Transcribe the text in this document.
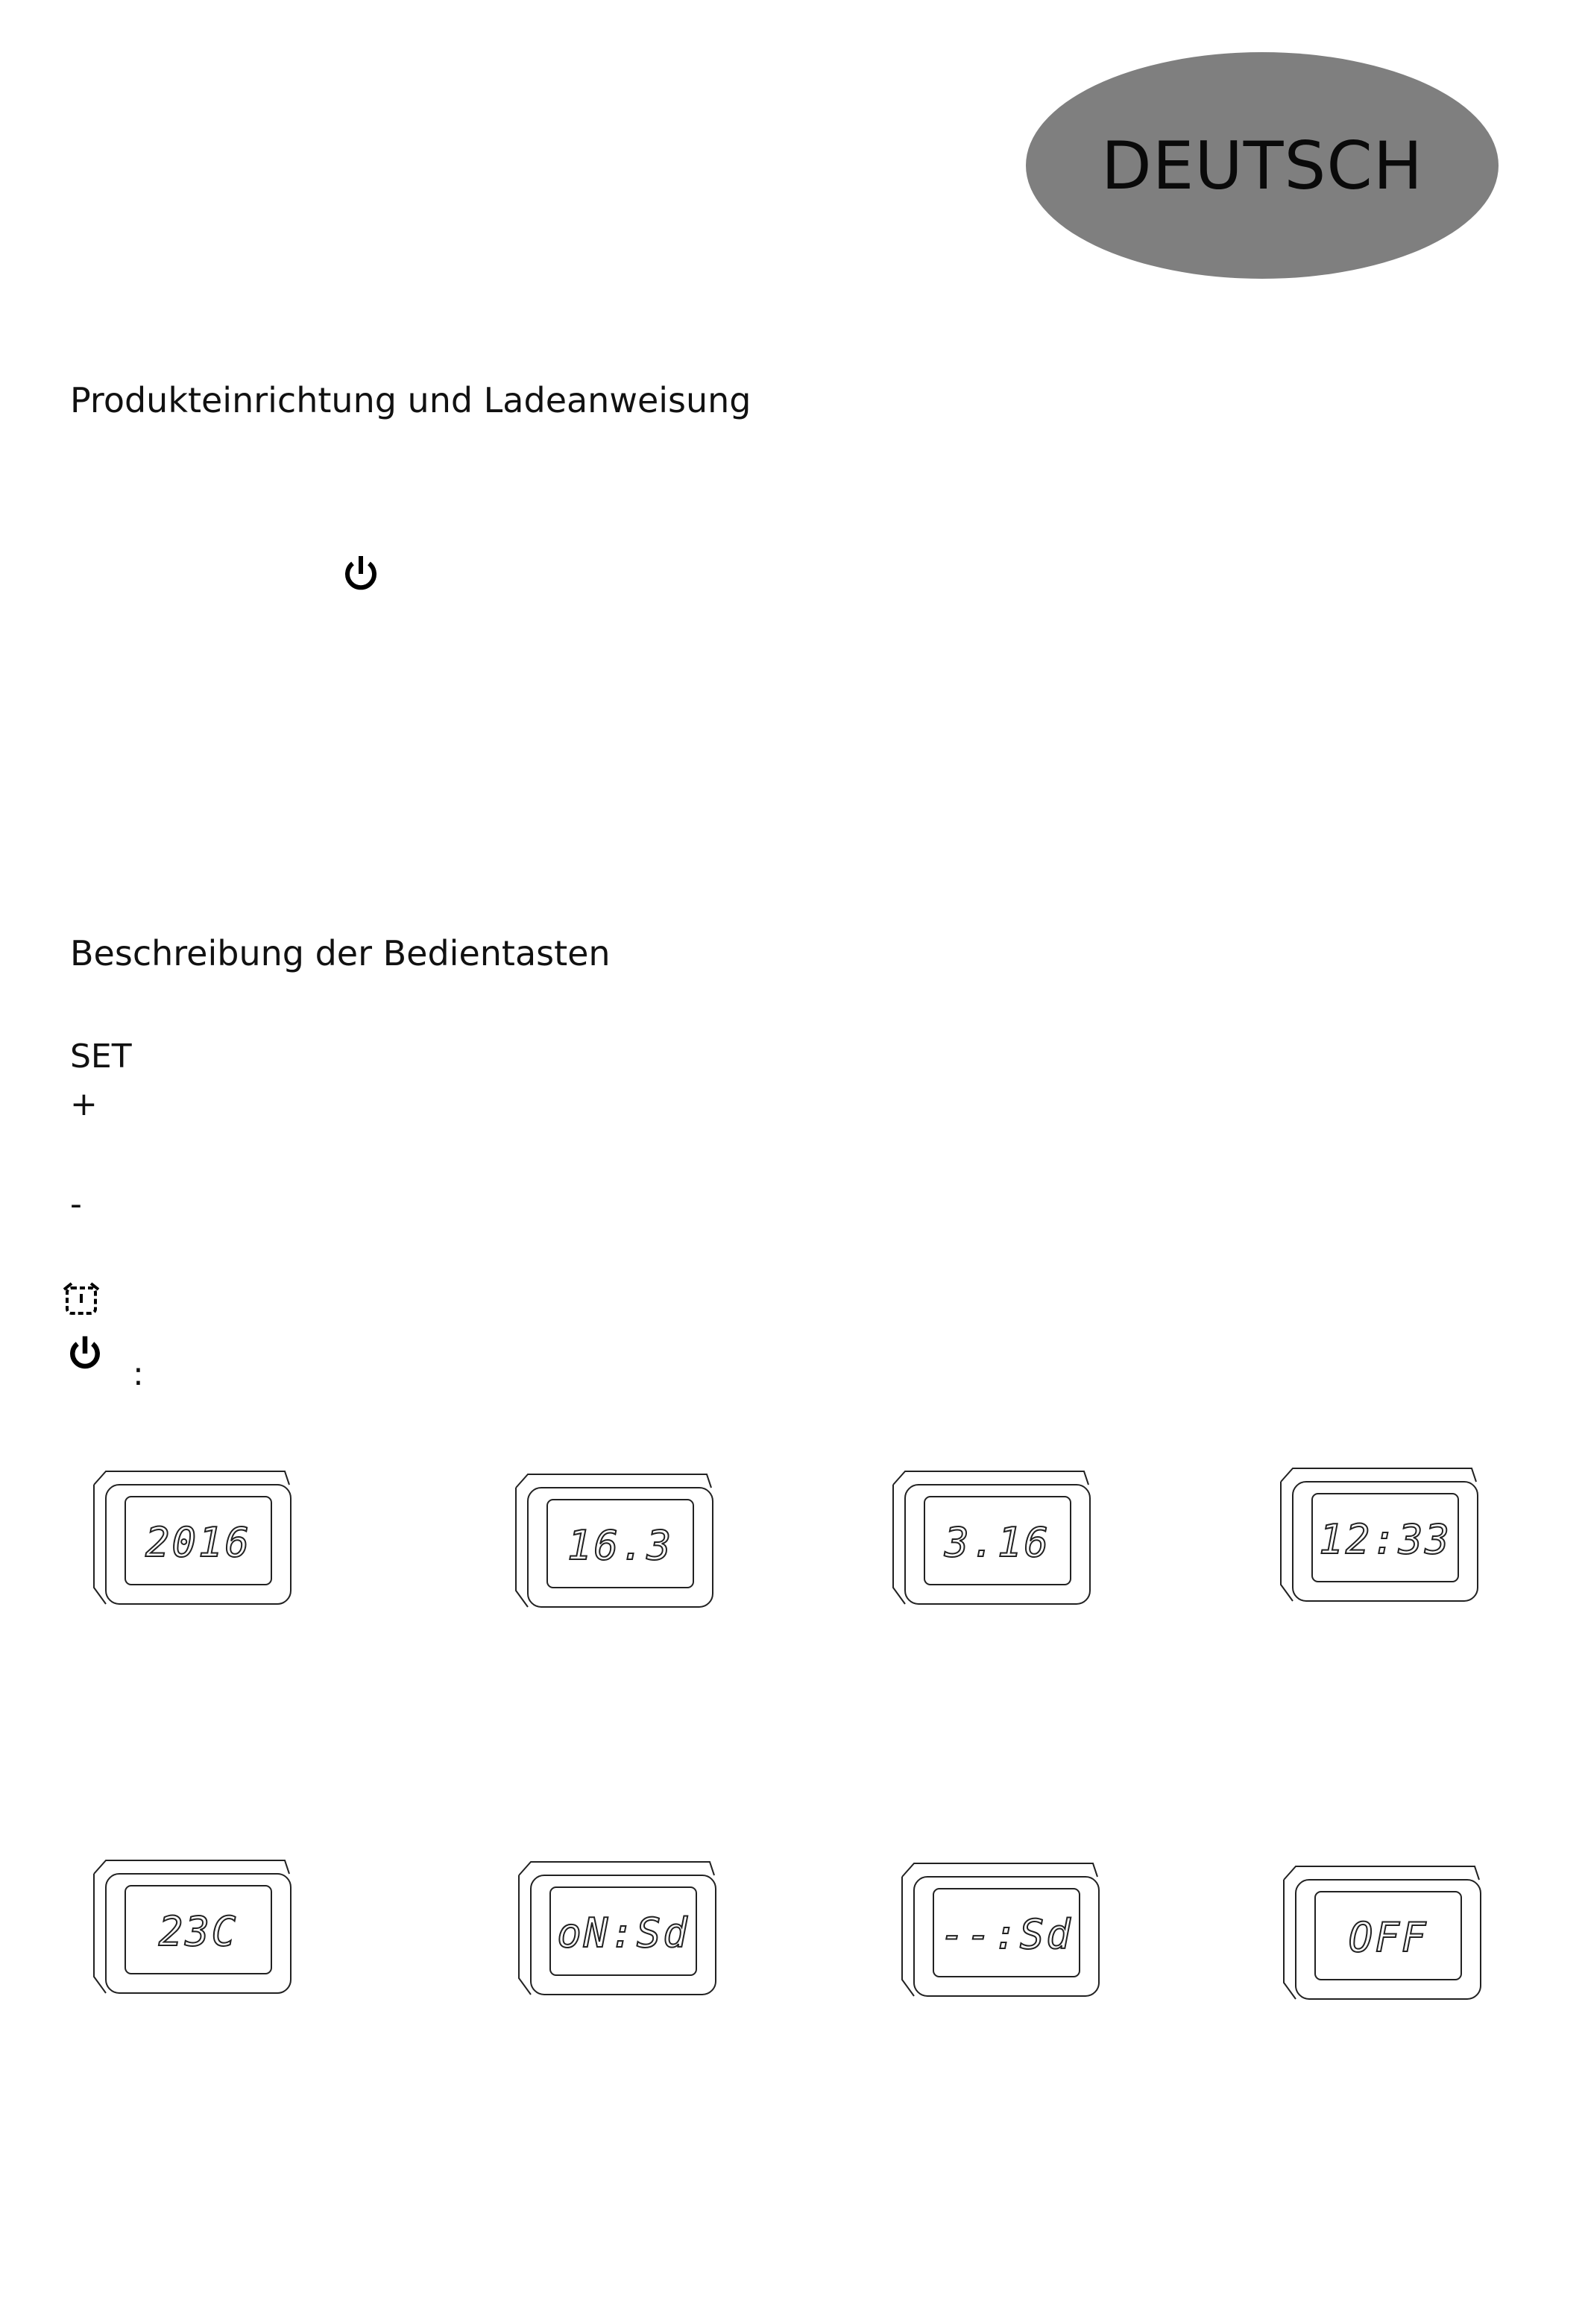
DEUTSCH
Produkteinrichtung und Ladeanweisung
Beschreibung der Bedientasten
SET
+
-
:
2016	16.3	3.16	12:33
23C	oN:Sd	--:Sd	OFF
